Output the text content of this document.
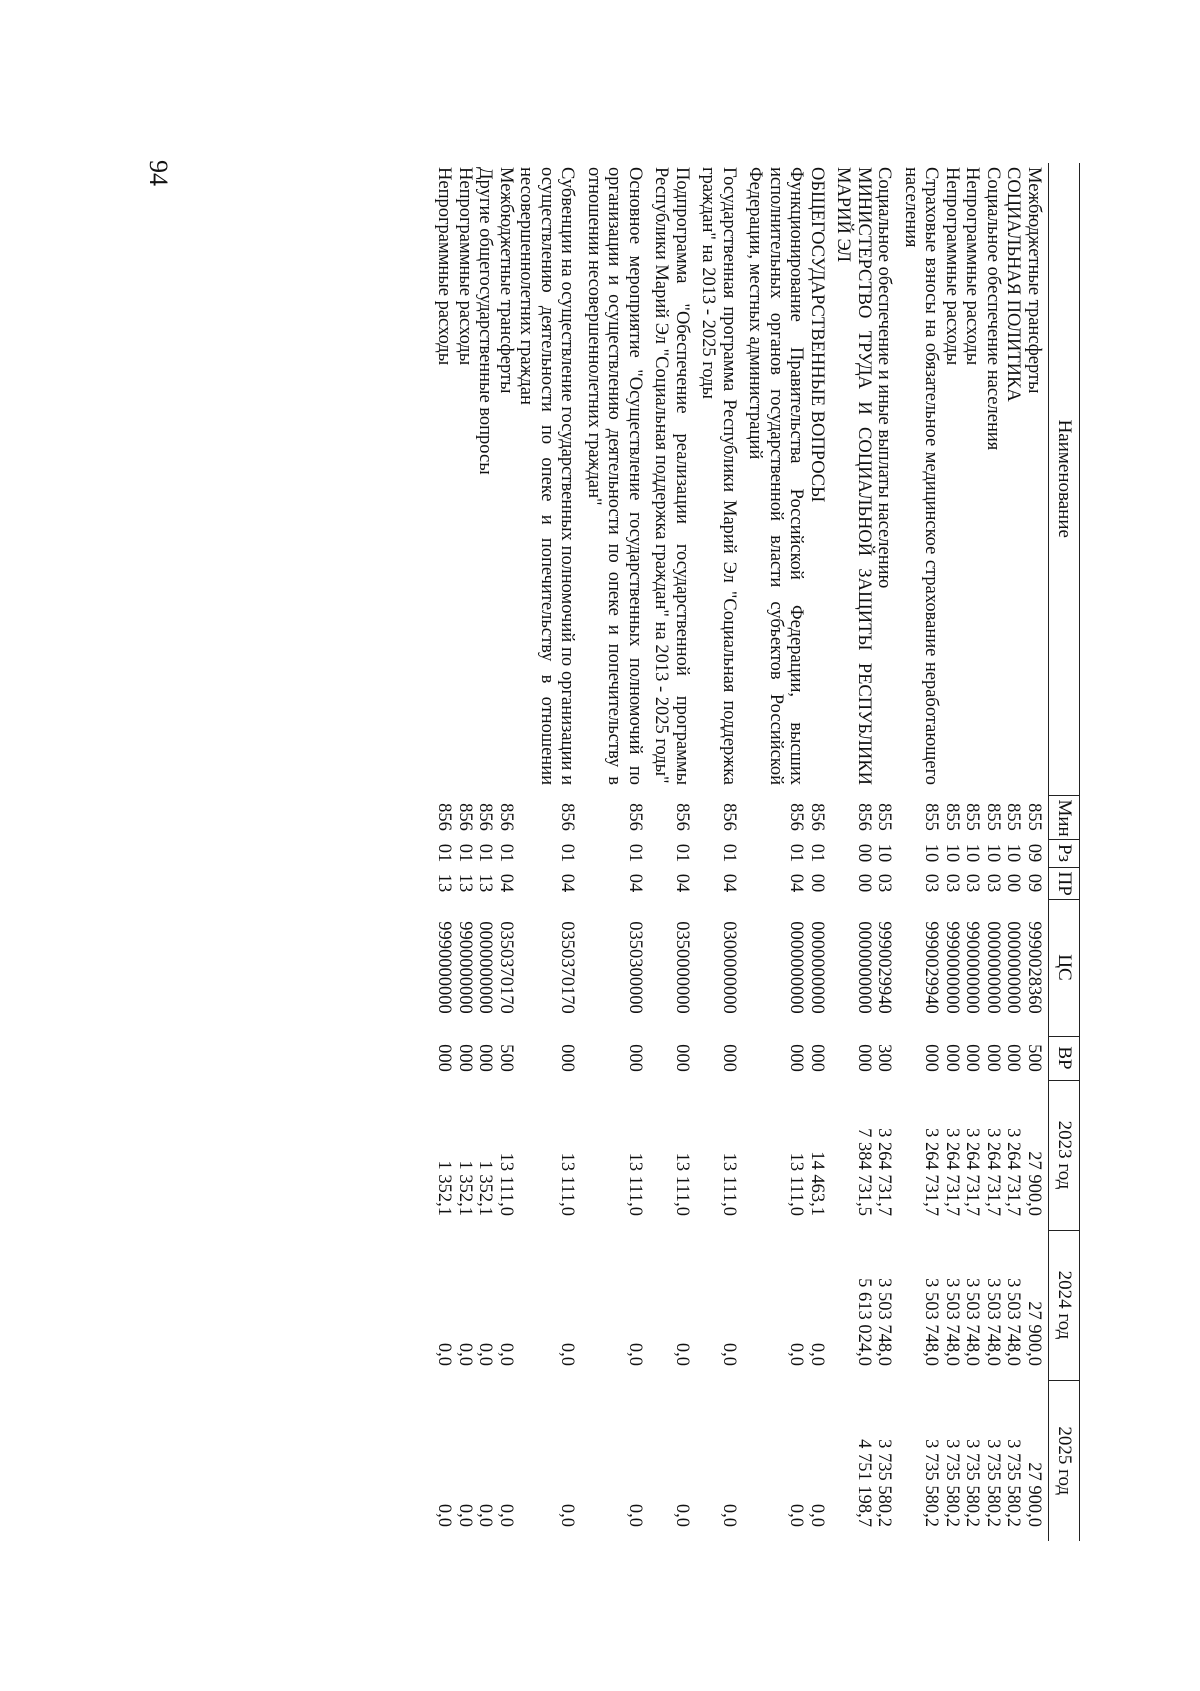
94
Наименование	Мин	Рз	ПР	ЦС	ВР	2023 год	2024 год	2025 год
Межбюджетные трансферты	855	09	09	9990028360	500	27 900,0	27 900,0	27 900,0
СОЦИАЛЬНАЯ ПОЛИТИКА	855	10	00	0000000000	000	3 264 731,7	3 503 748,0	3 735 580,2
Социальное обеспечение населения	855	10	03	0000000000	000	3 264 731,7	3 503 748,0	3 735 580,2
Непрограммные расходы	855	10	03	9900000000	000	3 264 731,7	3 503 748,0	3 735 580,2
Непрограммные расходы	855	10	03	9990000000	000	3 264 731,7	3 503 748,0	3 735 580,2
Страховые взносы на обязательное медицинское страхование неработающего населения	855	10	03	9990029940	000	3 264 731,7	3 503 748,0	3 735 580,2
Социальное обеспечение и иные выплаты населению	855	10	03	9990029940	300	3 264 731,7	3 503 748,0	3 735 580,2
МИНИСТЕРСТВО ТРУДА И СОЦИАЛЬНОЙ ЗАЩИТЫ РЕСПУБЛИКИ МАРИЙ ЭЛ	856	00	00	0000000000	000	7 384 731,5	5 613 024,0	4 751 198,7
ОБЩЕГОСУДАРСТВЕННЫЕ ВОПРОСЫ	856	01	00	0000000000	000	14 463,1	0,0	0,0
Функционирование Правительства Российской Федерации, высших исполнительных органов государственной власти субъектов Российской Федерации, местных администраций	856	01	04	0000000000	000	13 111,0	0,0	0,0
Государственная программа Республики Марий Эл "Социальная поддержка граждан" на 2013 - 2025 годы	856	01	04	0300000000	000	13 111,0	0,0	0,0
Подпрограмма "Обеспечение реализации государственной программы Республики Марий Эл "Социальная поддержка граждан" на 2013 - 2025 годы"	856	01	04	0350000000	000	13 111,0	0,0	0,0
Основное мероприятие "Осуществление государственных полномочий по организации и осуществлению деятельности по опеке и попечительству в отношении несовершеннолетних граждан"	856	01	04	0350300000	000	13 111,0	0,0	0,0
Субвенции на осуществление государственных полномочий по организации и осуществлению деятельности по опеке и попечительству в отношении несовершеннолетних граждан	856	01	04	0350370170	000	13 111,0	0,0	0,0
Межбюджетные трансферты	856	01	04	0350370170	500	13 111,0	0,0	0,0
Другие общегосударственные вопросы	856	01	13	0000000000	000	1 352,1	0,0	0,0
Непрограммные расходы	856	01	13	9900000000	000	1 352,1	0,0	0,0
Непрограммные расходы	856	01	13	9990000000	000	1 352,1	0,0	0,0
